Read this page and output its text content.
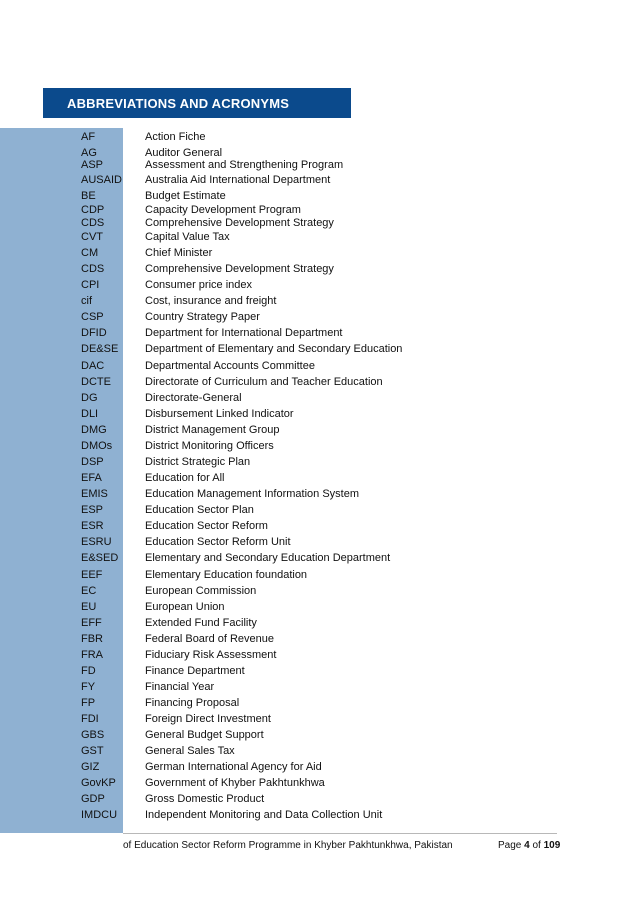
ABBREVIATIONS AND ACRONYMS
AF	Action Fiche
AG	Auditor General
ASP	Assessment and Strengthening Program
AUSAID Australia Aid International Department
BE	Budget Estimate
CDP	Capacity Development Program
CDS	Comprehensive Development Strategy
CVT	Capital Value Tax
CM	Chief Minister
CDS	Comprehensive Development Strategy
CPI	Consumer price index
cif	Cost, insurance and freight
CSP	Country Strategy Paper
DFID	Department for International Department
DE&SE Department of Elementary and Secondary Education
DAC	Departmental Accounts Committee
DCTE	Directorate of Curriculum and Teacher Education
DG	Directorate-General
DLI	Disbursement Linked Indicator
DMG	District Management Group
DMOs	District Monitoring Officers
DSP	District Strategic Plan
EFA	Education for All
EMIS	Education Management Information System
ESP	Education Sector Plan
ESR	Education Sector Reform
ESRU	Education Sector Reform Unit
E&SED Elementary and Secondary Education Department
EEF	Elementary Education foundation
EC	European Commission
EU	European Union
EFF	Extended Fund Facility
FBR	Federal Board of Revenue
FRA	Fiduciary Risk Assessment
FD	Finance Department
FY	Financial Year
FP	Financing Proposal
FDI	Foreign Direct Investment
GBS	General Budget Support
GST	General Sales Tax
GIZ	German International Agency for Aid
GovKP	Government of Khyber Pakhtunkhwa
GDP	Gross Domestic Product
IMDCU	Independent Monitoring and Data Collection Unit
of Education Sector Reform Programme in Khyber Pakhtunkhwa, Pakistan	Page 4 of 109
